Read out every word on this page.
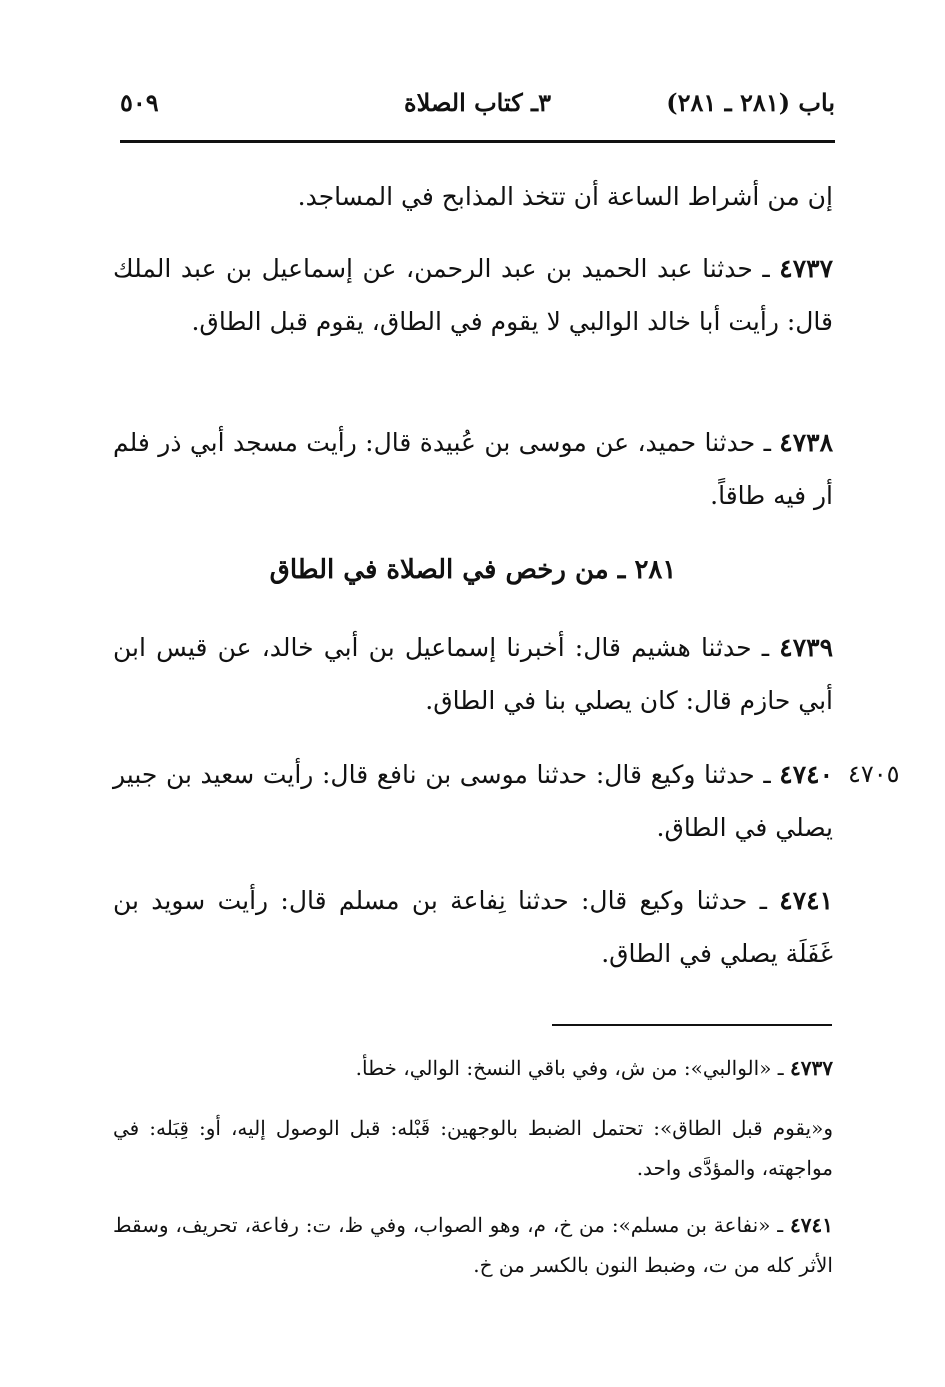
باب (٢٨١ ـ ٢٨١)
٣ـ كتاب الصلاة
٥٠٩
إن من أشراط الساعة أن تتخذ المذابح في المساجد.
٤٧٣٧ ـ حدثنا عبد الحميد بن عبد الرحمن، عن إسماعيل بن عبد الملك قال: رأيت أبا خالد الوالبي لا يقوم في الطاق، يقوم قبل الطاق.
٤٧٣٨ ـ حدثنا حميد، عن موسى بن عُبيدة قال: رأيت مسجد أبي ذر فلم أر فيه طاقاً.
٢٨١ ـ من رخص في الصلاة في الطاق
٤٧٣٩ ـ حدثنا هشيم قال: أخبرنا إسماعيل بن أبي خالد، عن قيس ابن أبي حازم قال: كان يصلي بنا في الطاق.
٤٧٤٠ ـ حدثنا وكيع قال: حدثنا موسى بن نافع قال: رأيت سعيد بن جبير يصلي في الطاق.
٤٧٠٥
٤٧٤١ ـ حدثنا وكيع قال: حدثنا نِفاعة بن مسلم قال: رأيت سويد بن غَفَلَة يصلي في الطاق.
٤٧٣٧ ـ «الوالبي»: من ش، وفي باقي النسخ: الوالي، خطأ.
و«يقوم قبل الطاق»: تحتمل الضبط بالوجهين: قَبْله: قبل الوصول إليه، أو: قِبَله: في مواجهته، والمؤدَّى واحد.
٤٧٤١ ـ «نفاعة بن مسلم»: من خ، م، وهو الصواب، وفي ظ، ت: رفاعة، تحريف، وسقط الأثر كله من ت، وضبط النون بالكسر من خ.
